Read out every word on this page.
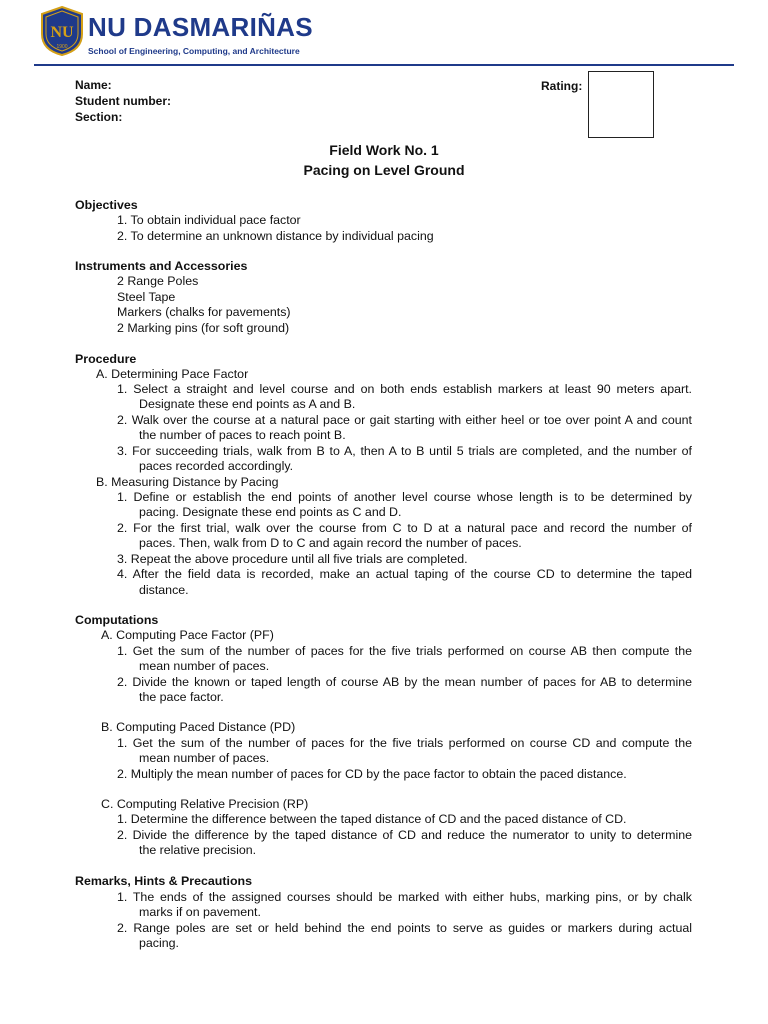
NU
1900
NU DASMARIÑAS
School of Engineering, Computing, and Architecture
Name:
Student number:
Section:
Rating:
Field Work No. 1
Pacing on Level Ground
Objectives
1. To obtain individual pace factor
2. To determine an unknown distance by individual pacing
Instruments and Accessories
2 Range Poles
Steel Tape
Markers (chalks for pavements)
2 Marking pins (for soft ground)
Procedure
A. Determining Pace Factor
1. Select a straight and level course and on both ends establish markers at least 90 meters apart.
Designate these end points as A and B.
2. Walk over the course at a natural pace or gait starting with either heel or toe over point A and count
the number of paces to reach point B.
3. For succeeding trials, walk from B to A, then A to B until 5 trials are completed, and the number of
paces recorded accordingly.
B. Measuring Distance by Pacing
1. Define or establish the end points of another level course whose length is to be determined by
pacing. Designate these end points as C and D.
2. For the first trial, walk over the course from C to D at a natural pace and record the number of
paces. Then, walk from D to C and again record the number of paces.
3. Repeat the above procedure until all five trials are completed.
4. After the field data is recorded, make an actual taping of the course CD to determine the taped
distance.
Computations
A. Computing Pace Factor (PF)
1. Get the sum of the number of paces for the five trials performed on course AB then compute the
mean number of paces.
2. Divide the known or taped length of course AB by the mean number of paces for AB to determine
the pace factor.
B. Computing Paced Distance (PD)
1. Get the sum of the number of paces for the five trials performed on course CD and compute the
mean number of paces.
2. Multiply the mean number of paces for CD by the pace factor to obtain the paced distance.
C. Computing Relative Precision (RP)
1. Determine the difference between the taped distance of CD and the paced distance of CD.
2. Divide the difference by the taped distance of CD and reduce the numerator to unity to determine
the relative precision.
Remarks, Hints & Precautions
1. The ends of the assigned courses should be marked with either hubs, marking pins, or by chalk
marks if on pavement.
2. Range poles are set or held behind the end points to serve as guides or markers during actual
pacing.
